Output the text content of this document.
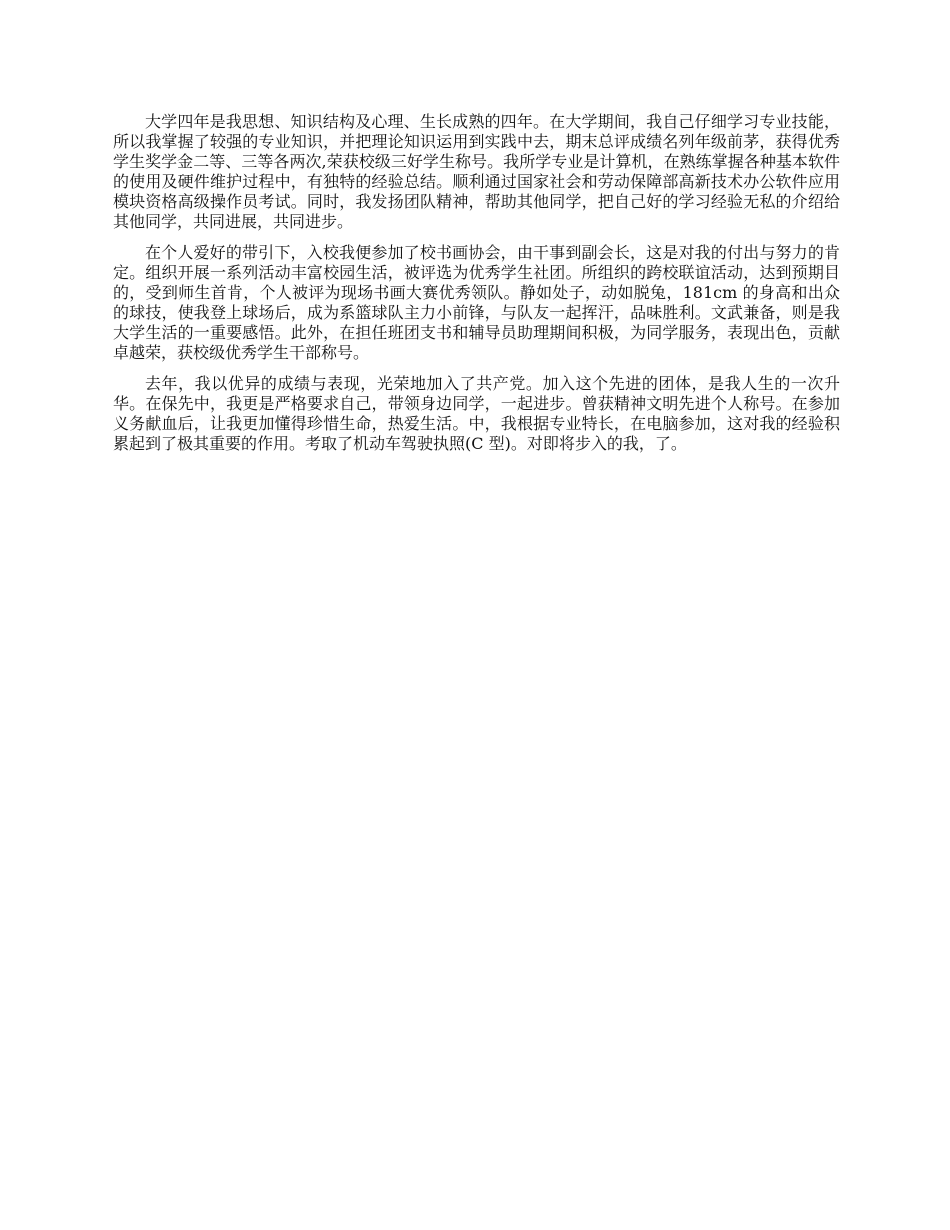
大学四年是我思想、知识结构及心理、生长成熟的四年。在大学期间，我自己仔细学习专业技能，所以我掌握了较强的专业知识，并把理论知识运用到实践中去，期末总评成绩名列年级前茅，获得优秀学生奖学金二等、三等各两次,荣获校级三好学生称号。我所学专业是计算机，在熟练掌握各种基本软件的使用及硬件维护过程中，有独特的经验总结。顺利通过国家社会和劳动保障部高新技术办公软件应用模块资格高级操作员考试。同时，我发扬团队精神，帮助其他同学，把自己好的学习经验无私的介绍给其他同学，共同进展，共同进步。

在个人爱好的带引下，入校我便参加了校书画协会，由干事到副会长，这是对我的付出与努力的肯定。组织开展一系列活动丰富校园生活，被评选为优秀学生社团。所组织的跨校联谊活动，达到预期目的，受到师生首肯，个人被评为现场书画大赛优秀领队。静如处子，动如脱兔，181cm 的身高和出众的球技，使我登上球场后，成为系篮球队主力小前锋，与队友一起挥汗，品味胜利。文武兼备，则是我大学生活的一重要感悟。此外，在担任班团支书和辅导员助理期间积极，为同学服务，表现出色，贡献卓越荣，获校级优秀学生干部称号。

去年，我以优异的成绩与表现，光荣地加入了共产党。加入这个先进的团体，是我人生的一次升华。在保先中，我更是严格要求自己，带领身边同学，一起进步。曾获精神文明先进个人称号。在参加义务献血后，让我更加懂得珍惜生命，热爱生活。中，我根据专业特长，在电脑参加，这对我的经验积累起到了极其重要的作用。考取了机动车驾驶执照(C 型)。对即将步入的我，了。
